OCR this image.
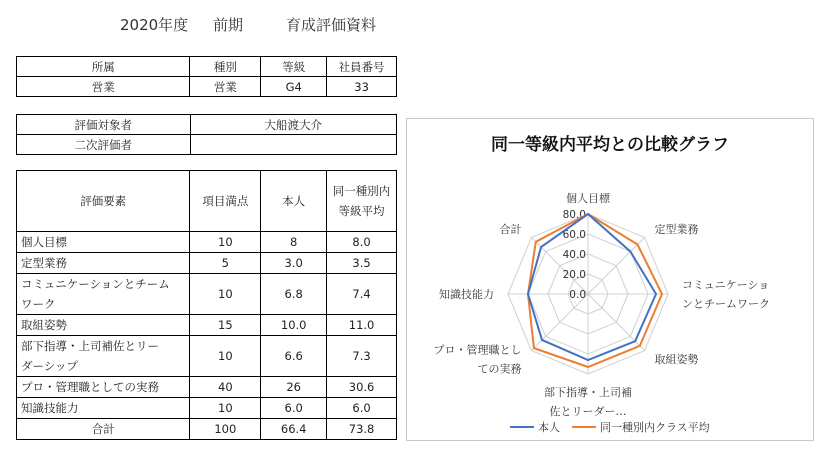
2020年度 前期	育成評価資料
所属	種別	等級	社員番号
営業	営業	G4	33
評価対象者	大船渡大介
二次評価者	
評価要素	項目満点	本人	同一種別内
等級平均
個人目標	10	8	8.0
定型業務	5	3.0	3.5
コミュニケーションとチーム
ワーク	10	6.8	7.4
取組姿勢	15	10.0	11.0
部下指導・上司補佐とリー
ダーシップ	10	6.6	7.3
プロ・管理職としての実務	40	26	30.6
知識技能力	10	6.0	6.0
合計	100	66.4	73.8
同一等級内平均との比較グラフ
0.0
20.0
40.0
60.0
80.0
個人目標
定型業務
コミュニケーションとチームワーク
取組姿勢
部下指導・上司補佐とリーダー…
プロ・管理職としての実務
知識技能力
合計
本人	同一種別内クラス平均
